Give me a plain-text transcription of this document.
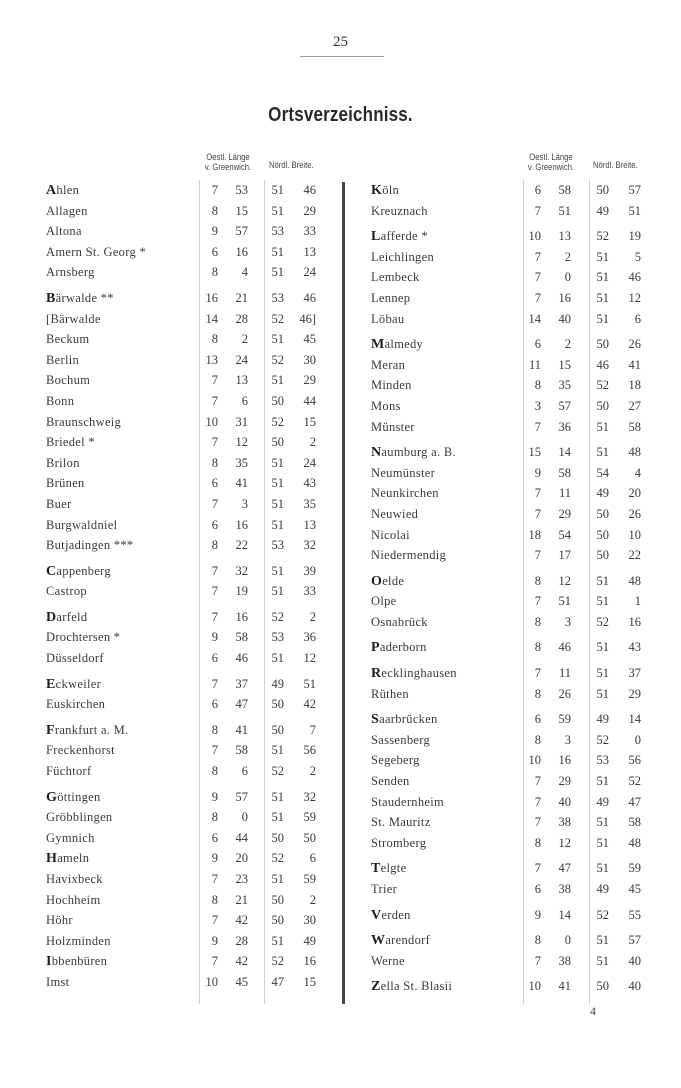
25
Ortsverzeichniss.
Oestl. Länge
v. Greenwich.	Nördl. Breite.
Ahlen	7	53	51	46
Allagen	8	15	51	29
Altona	9	57	53	33
Amern St. Georg *	6	16	51	13
Arnsberg	8	4	51	24
Bärwalde **	16	21	53	46
[Bärwalde	14	28	52 46]
Beckum	8	2	51	45
Berlin	13	24	52	30
Bochum	7	13	51	29
Bonn	7	6	50	44
Braunschweig	10	31	52	15
Briedel *	7	12	50	2
Brilon	8	35	51	24
Brünen	6	41	51	43
Buer	7	3	51	35
Burgwaldniel	6	16	51	13
Butjadingen ***	8	22	53	32
Cappenberg	7	32	51	39
Castrop	7	19	51	33
Darfeld	7	16	52	2
Drochtersen *	9	58	53	36
Düsseldorf	6	46	51	12
Eckweiler	7	37	49	51
Euskirchen	6	47	50	42
Frankfurt a. M.	8	41	50	7
Freckenhorst	7	58	51	56
Füchtorf	8	6	52	2
Göttingen	9	57	51	32
Gröbblingen	8	0	51	59
Gymnich	6	44	50	50
Hameln	9	20	52	6
Havixbeck	7	23	51	59
Hochheim	8	21	50	2
Höhr	7	42	50	30
Holzminden	9	28	51	49
Ibbenbüren	7	42	52	16
Imst	10	45	47	15
Oestl. Länge
v. Greenwich.	Nördl. Breite.
Köln	6	58	50	57
Kreuznach	7	51	49	51
Lafferde *	10	13	52	19
Leichlingen	7	2	51	5
Lembeck	7	0	51	46
Lennep	7	16	51	12
Löbau	14	40	51	6
Malmedy	6	2	50	26
Meran	11	15	46	41
Minden	8	35	52	18
Mons	3	57	50	27
Münster	7	36	51	58
Naumburg a. B.	15	14	51	48
Neumünster	9	58	54	4
Neunkirchen	7	11	49	20
Neuwied	7	29	50	26
Nicolai	18	54	50	10
Niedermendig	7	17	50	22
Oelde	8	12	51	48
Olpe	7	51	51	1
Osnabrück	8	3	52	16
Paderborn	8	46	51	43
Recklinghausen	7	11	51	37
Rüthen	8	26	51	29
Saarbrücken	6	59	49	14
Sassenberg	8	3	52	0
Segeberg	10	16	53	56
Senden	7	29	51	52
Staudernheim	7	40	49	47
St. Mauritz	7	38	51	58
Stromberg	8	12	51	48
Telgte	7	47	51	59
Trier	6	38	49	45
Verden	9	14	52	55
Warendorf	8	0	51	57
Werne	7	38	51	40
Zella St. Blasii	10	41	50	40
4
